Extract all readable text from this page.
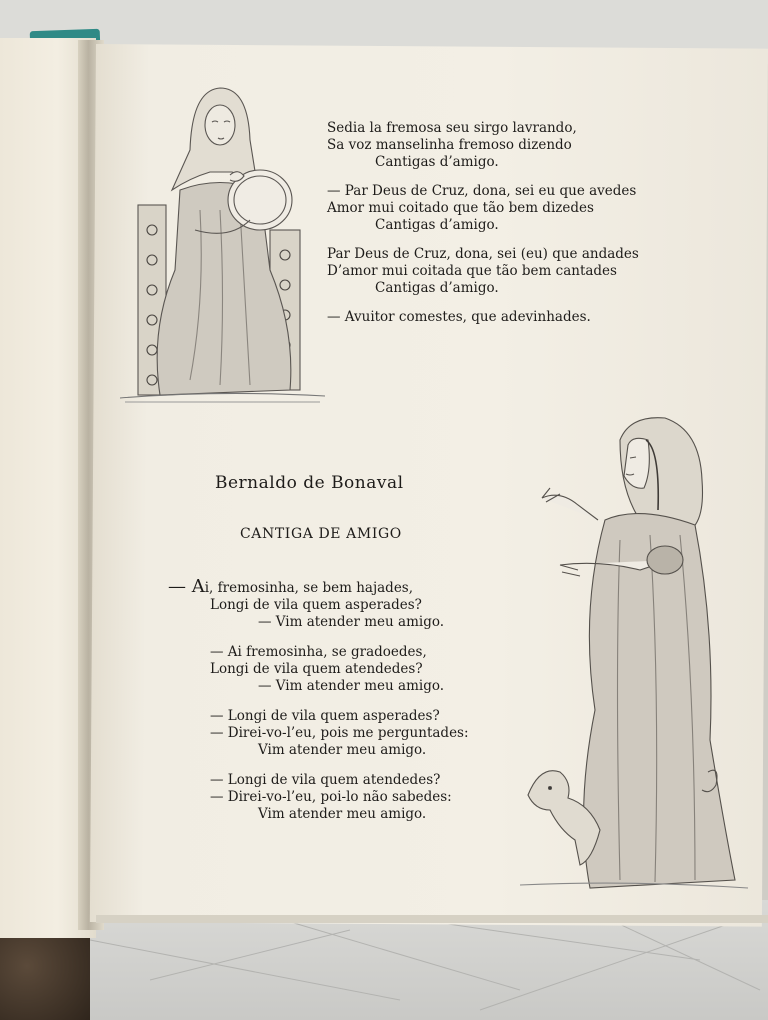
Sedia la fremosa seu sirgo lavrando,
Sa voz manselinha fremoso dizendo
Cantigas d’amigo.
— Par Deus de Cruz, dona, sei eu que avedes
Amor mui coitado que tão bem dizedes
Cantigas d’amigo.
Par Deus de Cruz, dona, sei (eu) que andades
D’amor mui coitada que tão bem cantades
Cantigas d’amigo.
— Avuitor comestes, que adevinhades.
Bernaldo de Bonaval
CANTIGA DE AMIGO
— Ai, fremosinha, se bem hajades,
Longi de vila quem asperades?
— Vim atender meu amigo.
— Ai fremosinha, se gradoedes,
Longi de vila quem atendedes?
— Vim atender meu amigo.
— Longi de vila quem asperades?
— Direi-vo-l’eu, pois me perguntades:
Vim atender meu amigo.
— Longi de vila quem atendedes?
— Direi-vo-l’eu, poi-lo não sabedes:
Vim atender meu amigo.
